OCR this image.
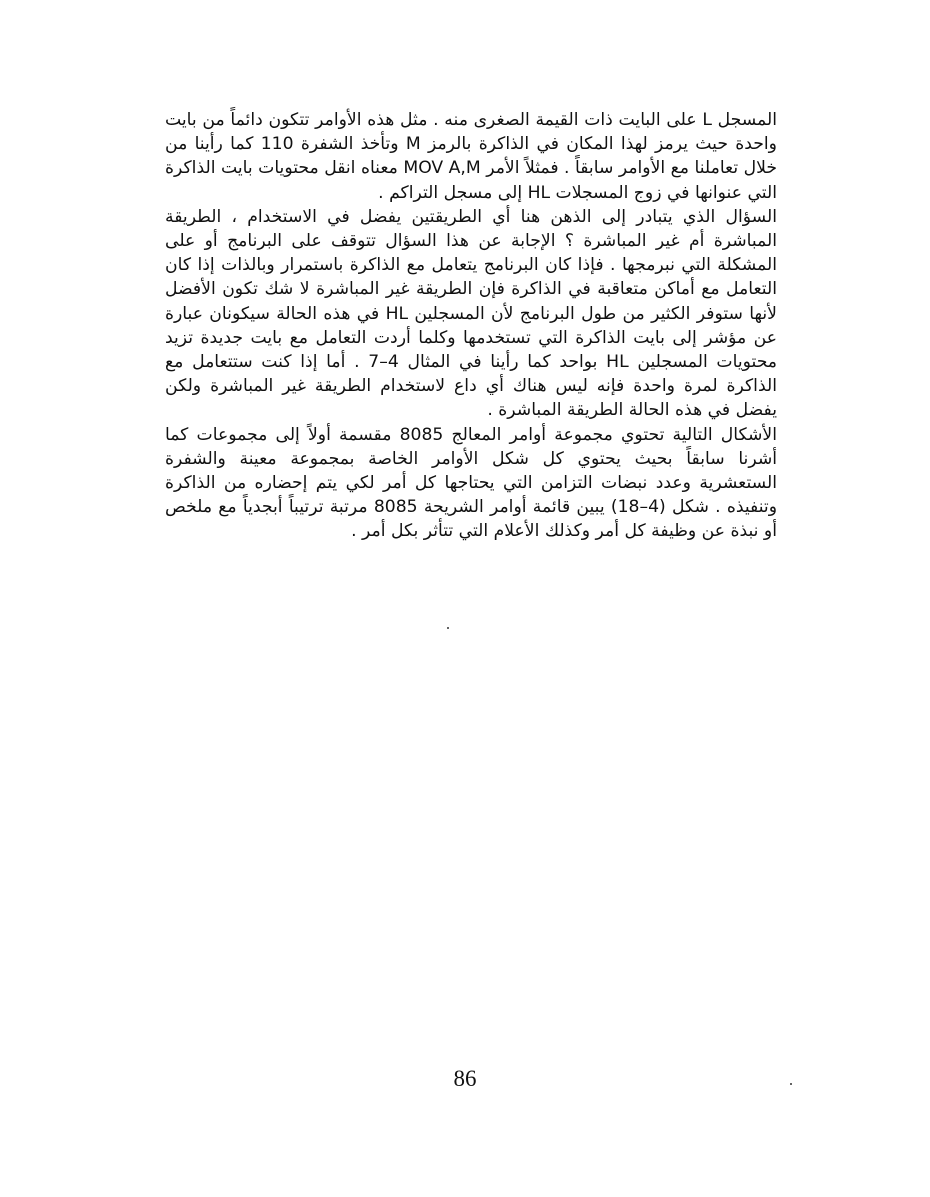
المسجل L على البايت ذات القيمة الصغرى منه . مثل هذه الأوامر تتكون دائماً من بايت واحدة حيث يرمز لهذا المكان في الذاكرة بالرمز M وتأخذ الشفرة 110 كما رأينا من خلال تعاملنا مع الأوامر سابقاً . فمثلاً الأمر MOV A,M معناه انقل محتويات بايت الذاكرة التي عنوانها في زوج المسجلات HL إلى مسجل التراكم .

السؤال الذي يتبادر إلى الذهن هنا أي الطريقتين يفضل في الاستخدام ، الطريقة المباشرة أم غير المباشرة ؟ الإجابة عن هذا السؤال تتوقف على البرنامج أو على المشكلة التي نبرمجها . فإذا كان البرنامج يتعامل مع الذاكرة باستمرار وبالذات إذا كان التعامل مع أماكن متعاقبة في الذاكرة فإن الطريقة غير المباشرة لا شك تكون الأفضل لأنها ستوفر الكثير من طول البرنامج لأن المسجلين HL في هذه الحالة سيكونان عبارة عن مؤشر إلى بايت الذاكرة التي تستخدمها وكلما أردت التعامل مع بايت جديدة تزيد محتويات المسجلين HL بواحد كما رأينا في المثال 4–7 . أما إذا كنت ستتعامل مع الذاكرة لمرة واحدة فإنه ليس هناك أي داع لاستخدام الطريقة غير المباشرة ولكن يفضل في هذه الحالة الطريقة المباشرة .

الأشكال التالية تحتوي مجموعة أوامر المعالج 8085 مقسمة أولاً إلى مجموعات كما أشرنا سابقاً بحيث يحتوي كل شكل الأوامر الخاصة بمجموعة معينة والشفرة الستعشرية وعدد نبضات التزامن التي يحتاجها كل أمر لكي يتم إحضاره من الذاكرة وتنفيذه . شكل (4–18) يبين قائمة أوامر الشريحة 8085 مرتبة ترتيباً أبجدياً مع ملخص أو نبذة عن وظيفة كل أمر وكذلك الأعلام التي تتأثر بكل أمر .

86
